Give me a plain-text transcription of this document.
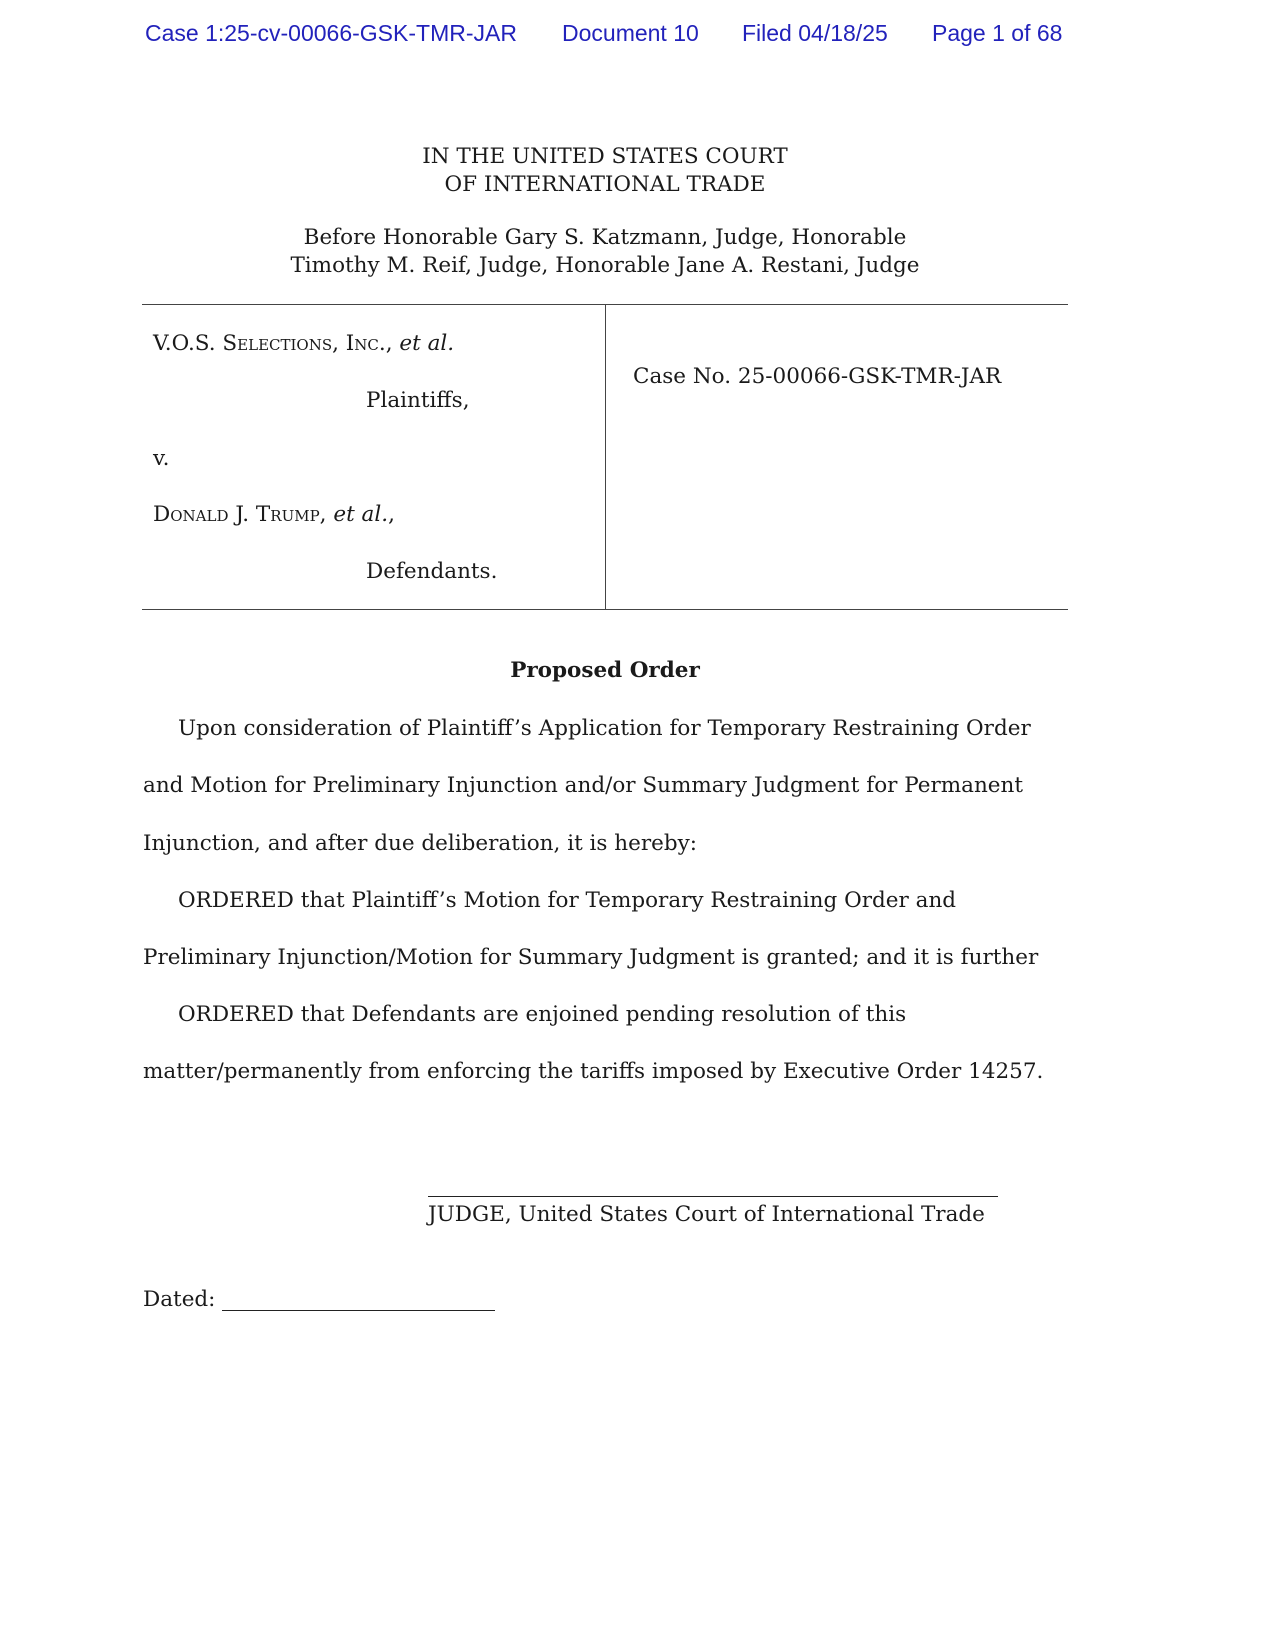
Case 1:25-cv-00066-GSK-TMR-JAR Document 10 Filed 04/18/25 Page 1 of 68
IN THE UNITED STATES COURT
OF INTERNATIONAL TRADE
Before Honorable Gary S. Katzmann, Judge, Honorable
Timothy M. Reif, Judge, Honorable Jane A. Restani, Judge
V.O.S. Selections, Inc., et al.
Plaintiffs,
v.
Donald J. Trump, et al.,
Defendants.
Case No. 25-00066-GSK-TMR-JAR
Proposed Order
Upon consideration of Plaintiff’s Application for Temporary Restraining Order
and Motion for Preliminary Injunction and/or Summary Judgment for Permanent
Injunction, and after due deliberation, it is hereby:
ORDERED that Plaintiff’s Motion for Temporary Restraining Order and
Preliminary Injunction/Motion for Summary Judgment is granted; and it is further
ORDERED that Defendants are enjoined pending resolution of this
matter/permanently from enforcing the tariffs imposed by Executive Order 14257.
JUDGE, United States Court of International Trade
Dated:
